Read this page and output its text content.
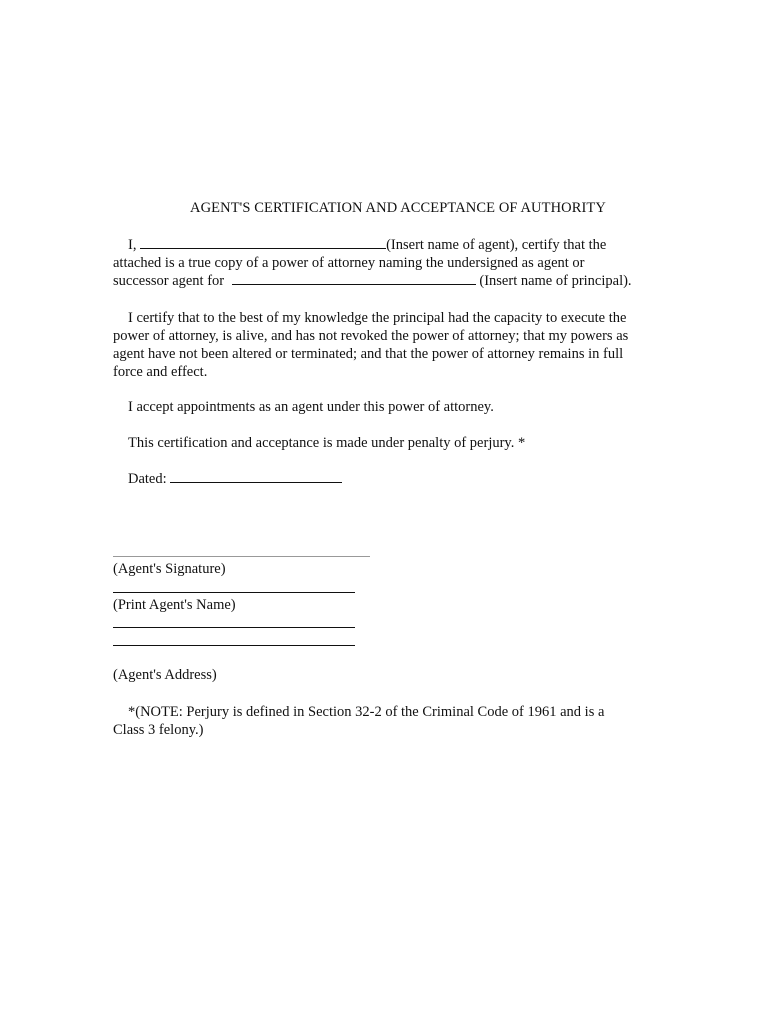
AGENT'S CERTIFICATION AND ACCEPTANCE OF AUTHORITY
I,	(Insert name of agent), certify that the
attached is a true copy of a power of attorney naming the undersigned as agent or
successor agent for	(Insert name of principal).
I certify that to the best of my knowledge the principal had the capacity to execute the
power of attorney, is alive, and has not revoked the power of attorney; that my powers as
agent have not been altered or terminated; and that the power of attorney remains in full
force and effect.
I accept appointments as an agent under this power of attorney.
This certification and acceptance is made under penalty of perjury. *
Dated:
(Agent's Signature)
(Print Agent's Name)
(Agent's Address)
*(NOTE: Perjury is defined in Section 32-2 of the Criminal Code of 1961 and is a
Class 3 felony.)
